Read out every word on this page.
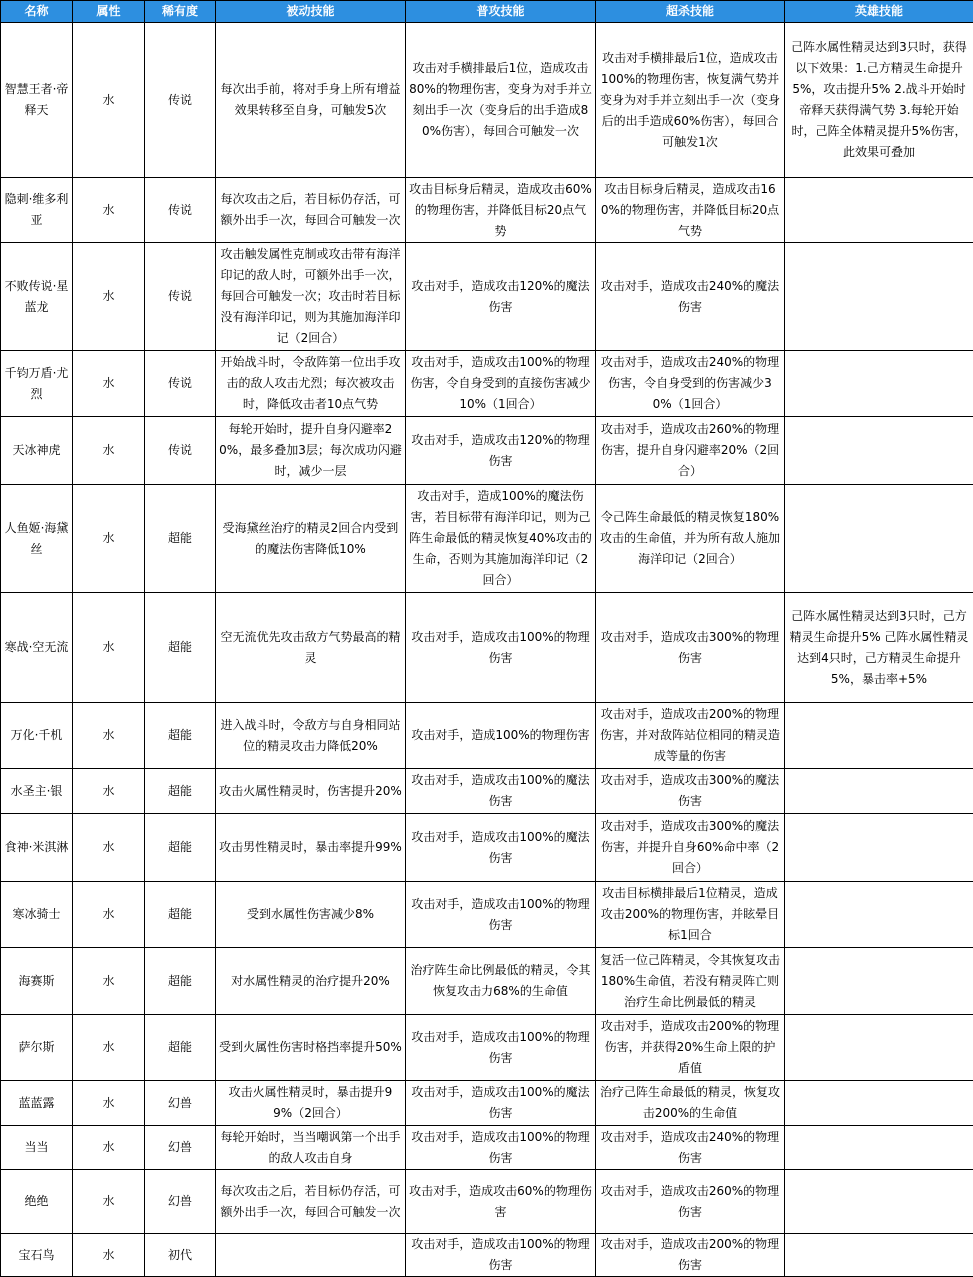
名称	属性	稀有度	被动技能	普攻技能	超杀技能	英雄技能
智慧王者·帝释天	水	传说	每次出手前，将对手身上所有增益效果转移至自身，可触发5次	攻击对手横排最后1位，造成攻击80%的物理伤害，变身为对手并立刻出手一次（变身后的出手造成80%伤害），每回合可触发一次	攻击对手横排最后1位，造成攻击100%的物理伤害，恢复满气势并变身为对手并立刻出手一次（变身后的出手造成60%伤害），每回合可触发1次	己阵水属性精灵达到3只时，获得以下效果：1.己方精灵生命提升5%，攻击提升5% 2.战斗开始时帝释天获得满气势 3.每轮开始时，己阵全体精灵提升5%伤害，此效果可叠加
隐刺·维多利亚	水	传说	每次攻击之后，若目标仍存活，可额外出手一次，每回合可触发一次	攻击目标身后精灵，造成攻击60%的物理伤害，并降低目标20点气势	攻击目标身后精灵，造成攻击160%的物理伤害，并降低目标20点气势	
不败传说·星蓝龙	水	传说	攻击触发属性克制或攻击带有海洋印记的敌人时，可额外出手一次，每回合可触发一次；攻击时若目标没有海洋印记，则为其施加海洋印记（2回合）	攻击对手，造成攻击120%的魔法伤害	攻击对手，造成攻击240%的魔法伤害	
千钧万盾·尤烈	水	传说	开始战斗时，令敌阵第一位出手攻击的敌人攻击尤烈；每次被攻击时，降低攻击者10点气势	攻击对手，造成攻击100%的物理伤害，令自身受到的直接伤害减少10%（1回合）	攻击对手，造成攻击240%的物理伤害，令自身受到的伤害减少30%（1回合）	
天冰神虎	水	传说	每轮开始时，提升自身闪避率20%，最多叠加3层；每次成功闪避时，减少一层	攻击对手，造成攻击120%的物理伤害	攻击对手，造成攻击260%的物理伤害，提升自身闪避率20%（2回合）	
人鱼姬·海黛丝	水	超能	受海黛丝治疗的精灵2回合内受到的魔法伤害降低10%	攻击对手，造成100%的魔法伤害，若目标带有海洋印记，则为己阵生命最低的精灵恢复40%攻击的生命，否则为其施加海洋印记（2回合）	令己阵生命最低的精灵恢复180%攻击的生命值，并为所有敌人施加海洋印记（2回合）	
寒战·空无流	水	超能	空无流优先攻击敌方气势最高的精灵	攻击对手，造成攻击100%的物理伤害	攻击对手，造成攻击300%的物理伤害	己阵水属性精灵达到3只时，己方精灵生命提升5% 己阵水属性精灵达到4只时，己方精灵生命提升5%，暴击率+5%
万化·千机	水	超能	进入战斗时，令敌方与自身相同站位的精灵攻击力降低20%	攻击对手，造成100%的物理伤害	攻击对手，造成攻击200%的物理伤害，并对敌阵站位相同的精灵造成等量的伤害	
水圣主·银	水	超能	攻击火属性精灵时，伤害提升20%	攻击对手，造成攻击100%的魔法伤害	攻击对手，造成攻击300%的魔法伤害	
食神·米淇淋	水	超能	攻击男性精灵时，暴击率提升99%	攻击对手，造成攻击100%的魔法伤害	攻击对手，造成攻击300%的魔法伤害，并提升自身60%命中率（2回合）	
寒冰骑士	水	超能	受到水属性伤害减少8%	攻击对手，造成攻击100%的物理伤害	攻击目标横排最后1位精灵，造成攻击200%的物理伤害，并眩晕目标1回合	
海赛斯	水	超能	对水属性精灵的治疗提升20%	治疗阵生命比例最低的精灵，令其恢复攻击力68%的生命值	复活一位己阵精灵，令其恢复攻击180%生命值，若没有精灵阵亡则治疗生命比例最低的精灵	
萨尔斯	水	超能	受到火属性伤害时格挡率提升50%	攻击对手，造成攻击100%的物理伤害	攻击对手，造成攻击200%的物理伤害，并获得20%生命上限的护盾值	
蓝蓝露	水	幻兽	攻击火属性精灵时，暴击提升99%（2回合）	攻击对手，造成攻击100%的魔法伤害	治疗己阵生命最低的精灵，恢复攻击200%的生命值	
当当	水	幻兽	每轮开始时，当当嘲讽第一个出手的敌人攻击自身	攻击对手，造成攻击100%的物理伤害	攻击对手，造成攻击240%的物理伤害	
绝绝	水	幻兽	每次攻击之后，若目标仍存活，可额外出手一次，每回合可触发一次	攻击对手，造成攻击60%的物理伤害	攻击对手，造成攻击260%的物理伤害	
宝石鸟	水	初代		攻击对手，造成攻击100%的物理伤害	攻击对手，造成攻击200%的物理伤害	
